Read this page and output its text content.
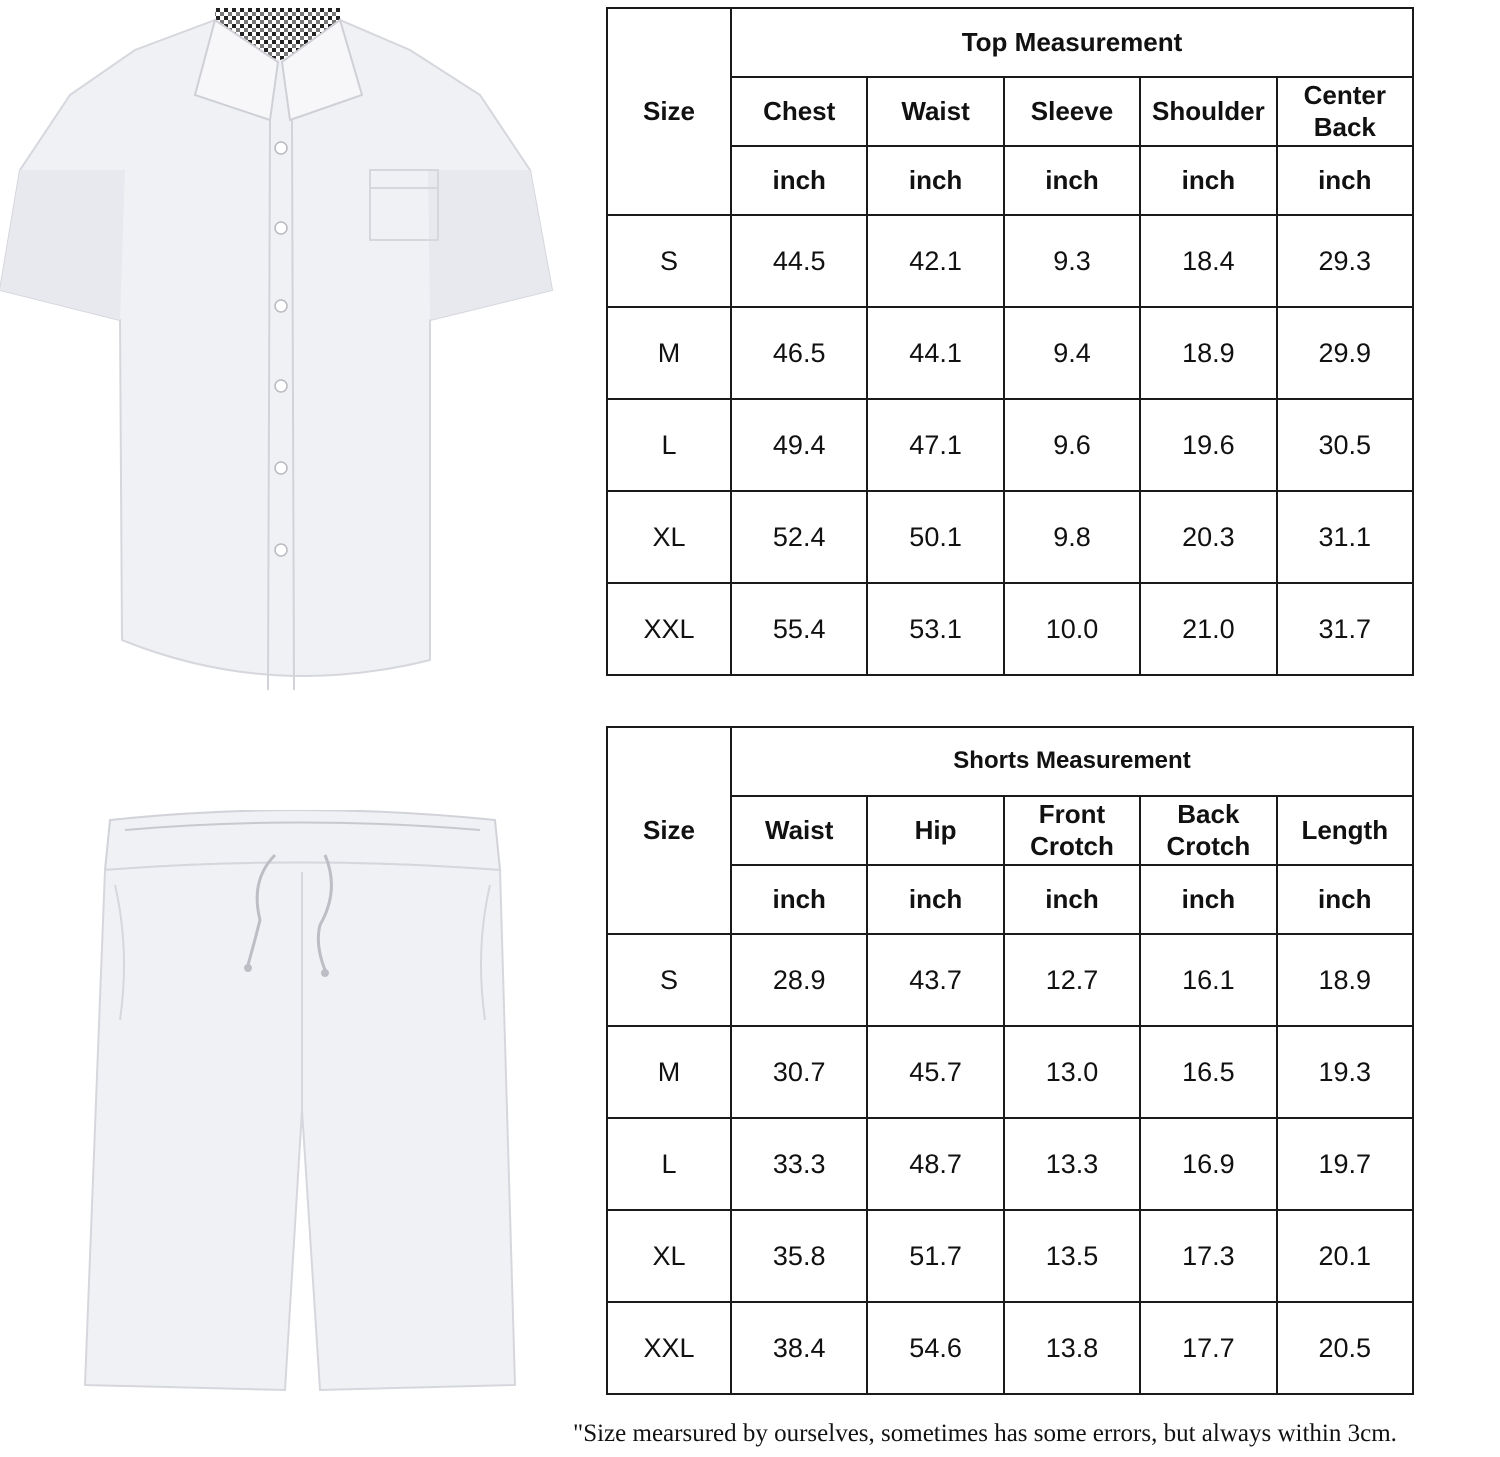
Size	Top Measurement				
	Chest	Waist	Sleeve	Shoulder	Center Back
	inch	inch	inch	inch	inch
S	44.5	42.1	9.3	18.4	29.3
M	46.5	44.1	9.4	18.9	29.9
L	49.4	47.1	9.6	19.6	30.5
XL	52.4	50.1	9.8	20.3	31.1
XXL	55.4	53.1	10.0	21.0	31.7
Size	Shorts Measurement				
	Waist	Hip	Front Crotch	Back Crotch	Length
	inch	inch	inch	inch	inch
S	28.9	43.7	12.7	16.1	18.9
M	30.7	45.7	13.0	16.5	19.3
L	33.3	48.7	13.3	16.9	19.7
XL	35.8	51.7	13.5	17.3	20.1
XXL	38.4	54.6	13.8	17.7	20.5
"Size mearsured by ourselves, sometimes has some errors, but always within 3cm.
